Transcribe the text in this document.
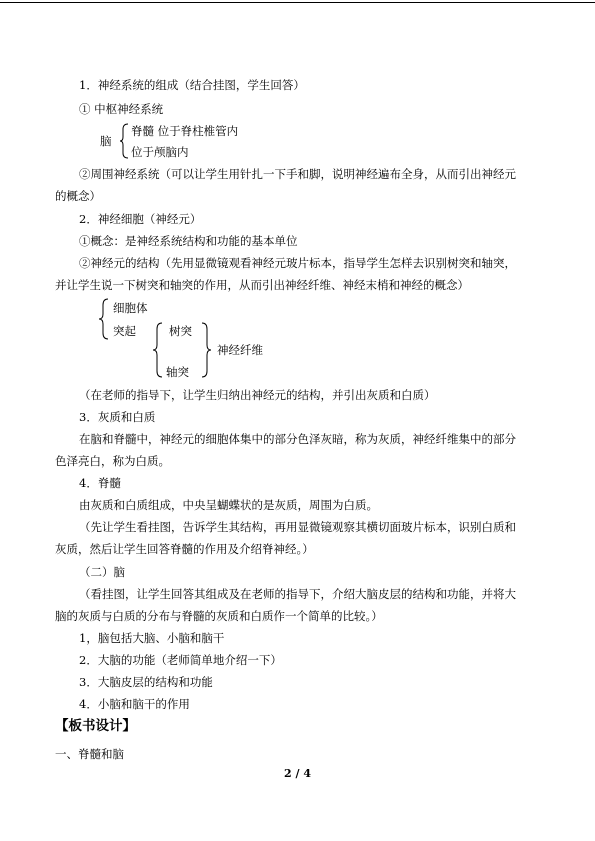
1．神经系统的组成（结合挂图，学生回答）
① 中枢神经系统
脑
脊髓 位于脊柱椎管内
位于颅脑内
②周围神经系统（可以让学生用针扎一下手和脚，说明神经遍布全身，从而引出神经元
的概念）
2．神经细胞（神经元）
①概念：是神经系统结构和功能的基本单位
②神经元的结构（先用显微镜观看神经元玻片标本，指导学生怎样去识别树突和轴突，
并让学生说一下树突和轴突的作用，从而引出神经纤维、神经末梢和神经的概念）
细胞体
突起	树突
轴突
神经纤维
（在老师的指导下，让学生归纳出神经元的结构，并引出灰质和白质）
3．灰质和白质
在脑和脊髓中，神经元的细胞体集中的部分色泽灰暗，称为灰质，神经纤维集中的部分
色泽亮白，称为白质。
4．脊髓
由灰质和白质组成，中央呈蝴蝶状的是灰质，周围为白质。
（先让学生看挂图，告诉学生其结构，再用显微镜观察其横切面玻片标本，识别白质和
灰质，然后让学生回答脊髓的作用及介绍脊神经。）
（二）脑
（看挂图，让学生回答其组成及在老师的指导下，介绍大脑皮层的结构和功能，并将大
脑的灰质与白质的分布与脊髓的灰质和白质作一个简单的比较。）
1，脑包括大脑、小脑和脑干
2．大脑的功能（老师简单地介绍一下）
3．大脑皮层的结构和功能
4．小脑和脑干的作用
【板书设计】
一、脊髓和脑
2 / 4
